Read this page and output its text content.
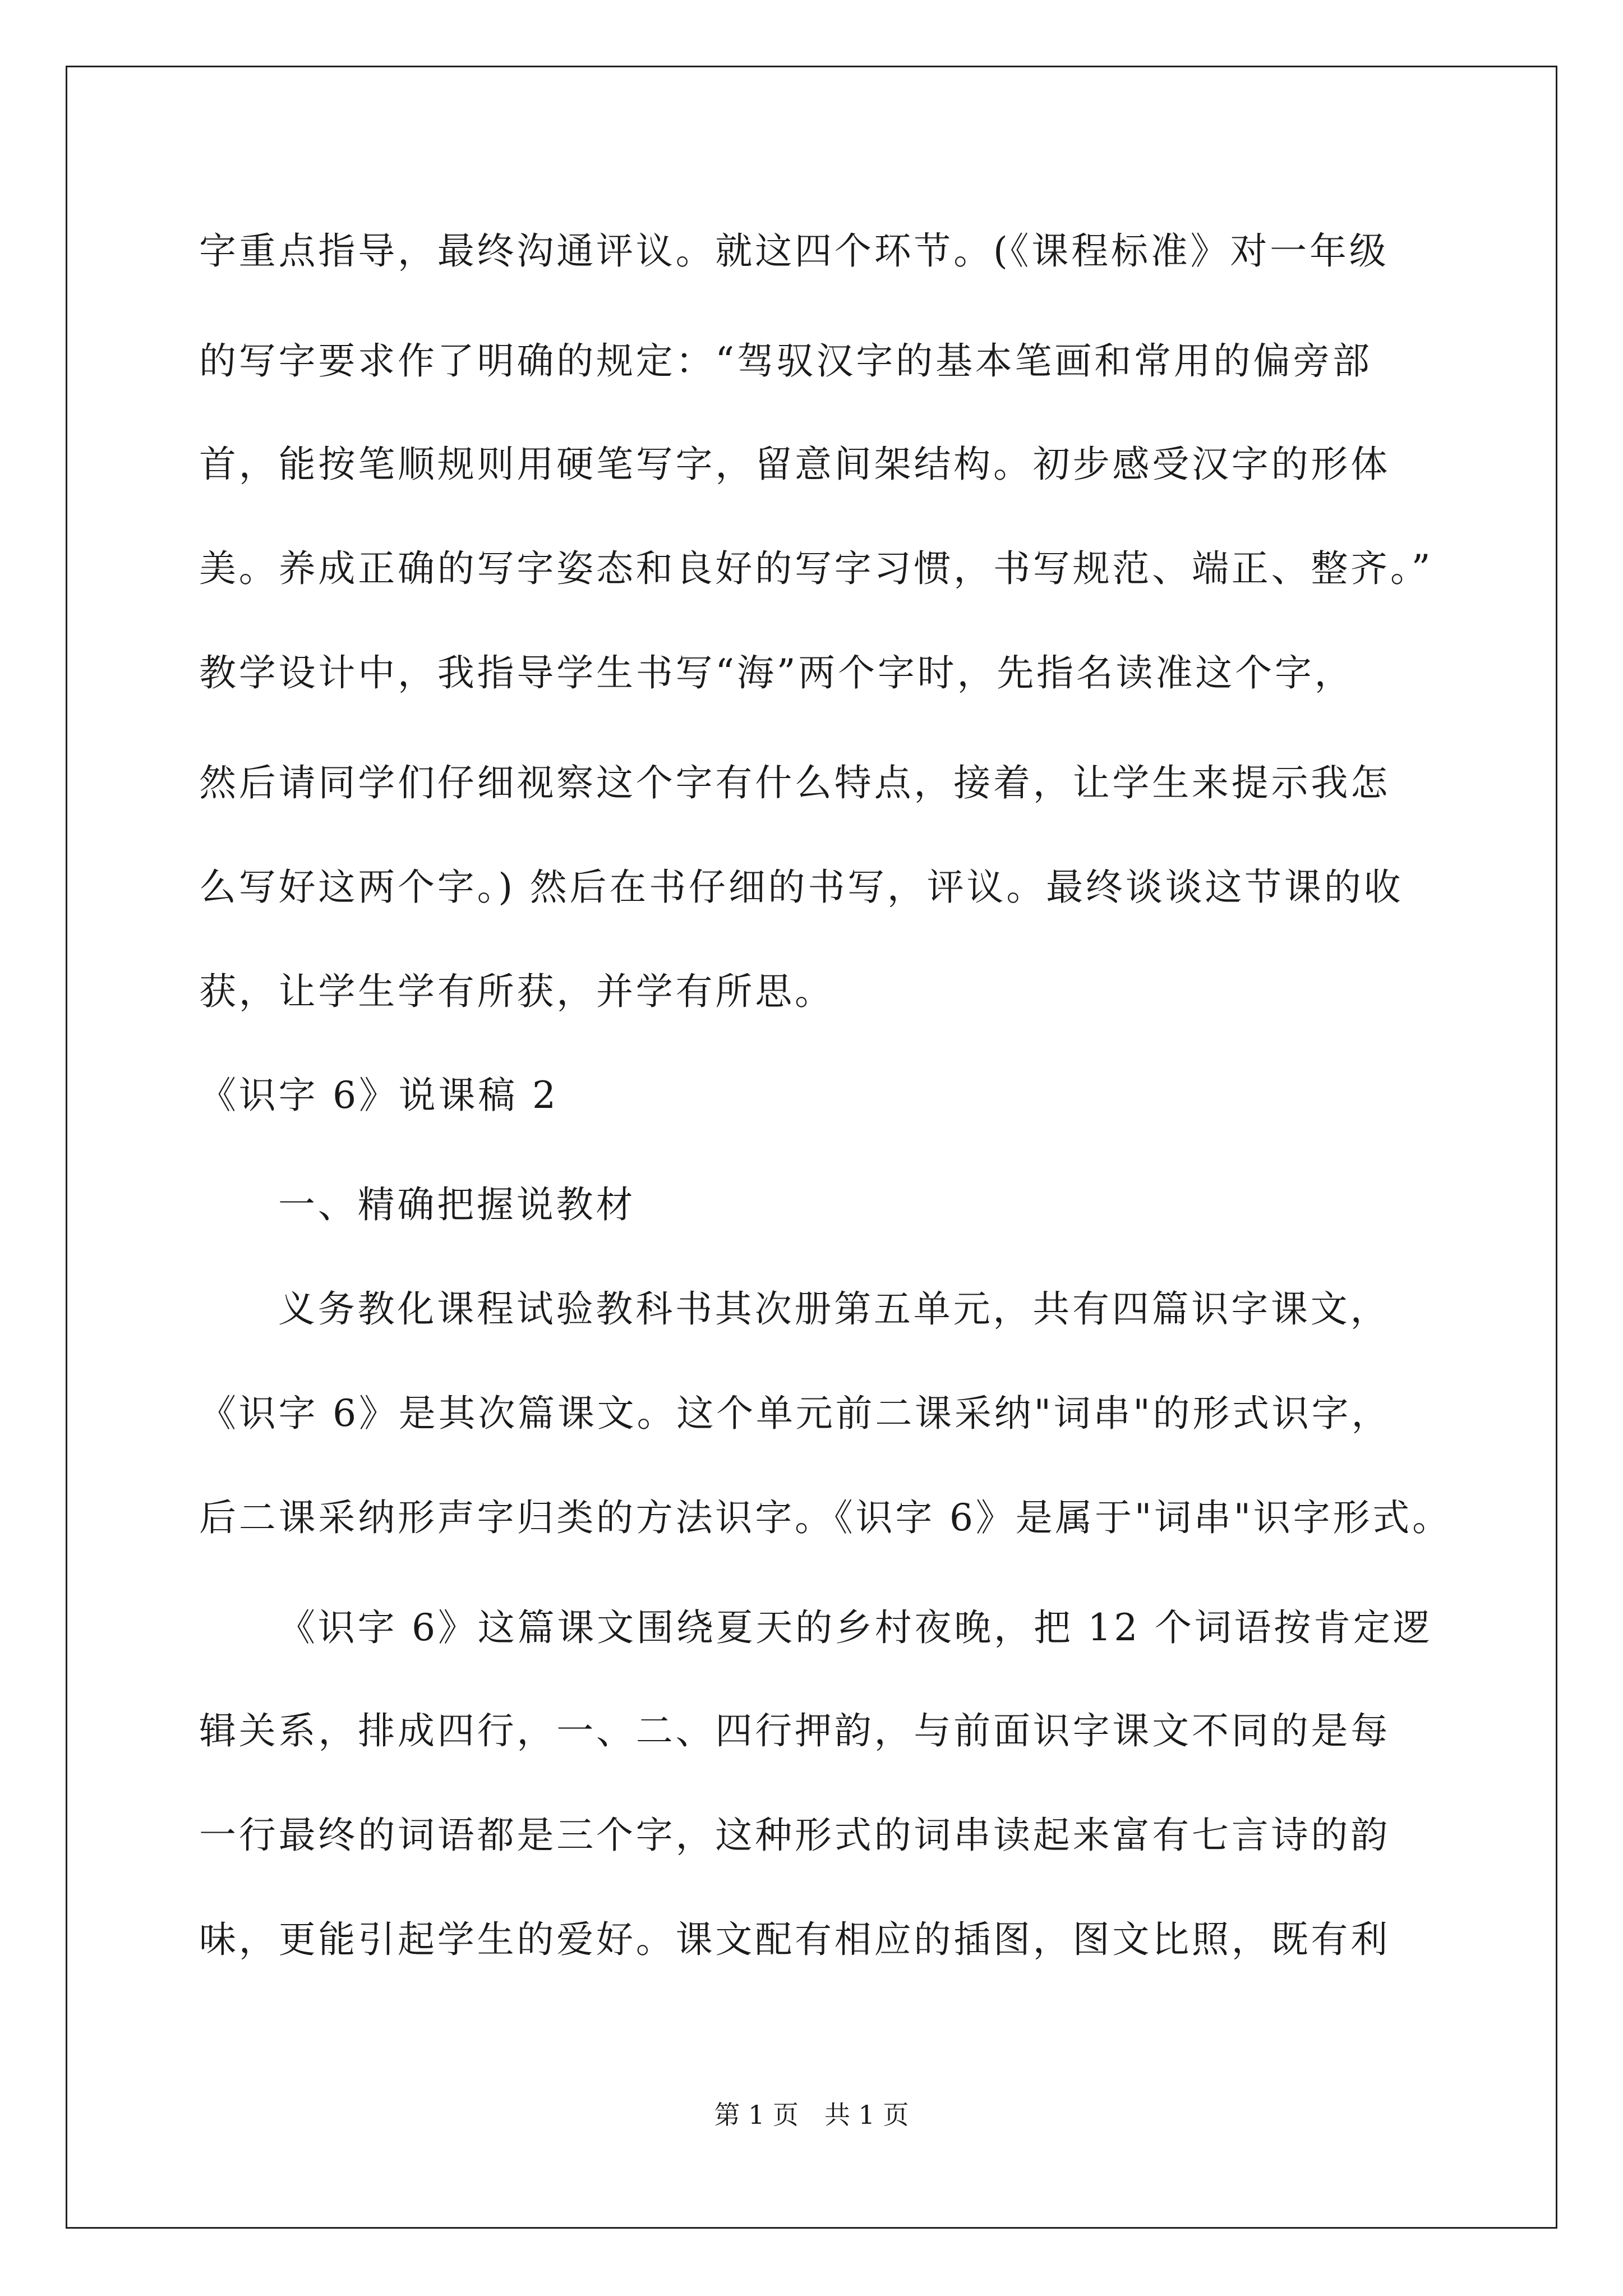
字重点指导，最终沟通评议。就这四个环节。(《课程标准》对一年级
的写字要求作了明确的规定：“驾驭汉字的基本笔画和常用的偏旁部
首，能按笔顺规则用硬笔写字，留意间架结构。初步感受汉字的形体
美。养成正确的写字姿态和良好的写字习惯，书写规范、端正、整齐。”
教学设计中，我指导学生书写“海”两个字时，先指名读准这个字，
然后请同学们仔细视察这个字有什么特点，接着，让学生来提示我怎
么写好这两个字。) 然后在书仔细的书写，评议。最终谈谈这节课的收
获，让学生学有所获，并学有所思。
《识字 6》说课稿 2
一、精确把握说教材
义务教化课程试验教科书其次册第五单元，共有四篇识字课文，
《识字 6》是其次篇课文。这个单元前二课采纳"词串"的形式识字，
后二课采纳形声字归类的方法识字。《识字 6》是属于"词串"识字形式。
《识字 6》这篇课文围绕夏天的乡村夜晚，把 12 个词语按肯定逻
辑关系，排成四行，一、二、四行押韵，与前面识字课文不同的是每
一行最终的词语都是三个字，这种形式的词串读起来富有七言诗的韵
味，更能引起学生的爱好。课文配有相应的插图，图文比照，既有利
第 1 页　共 1 页
